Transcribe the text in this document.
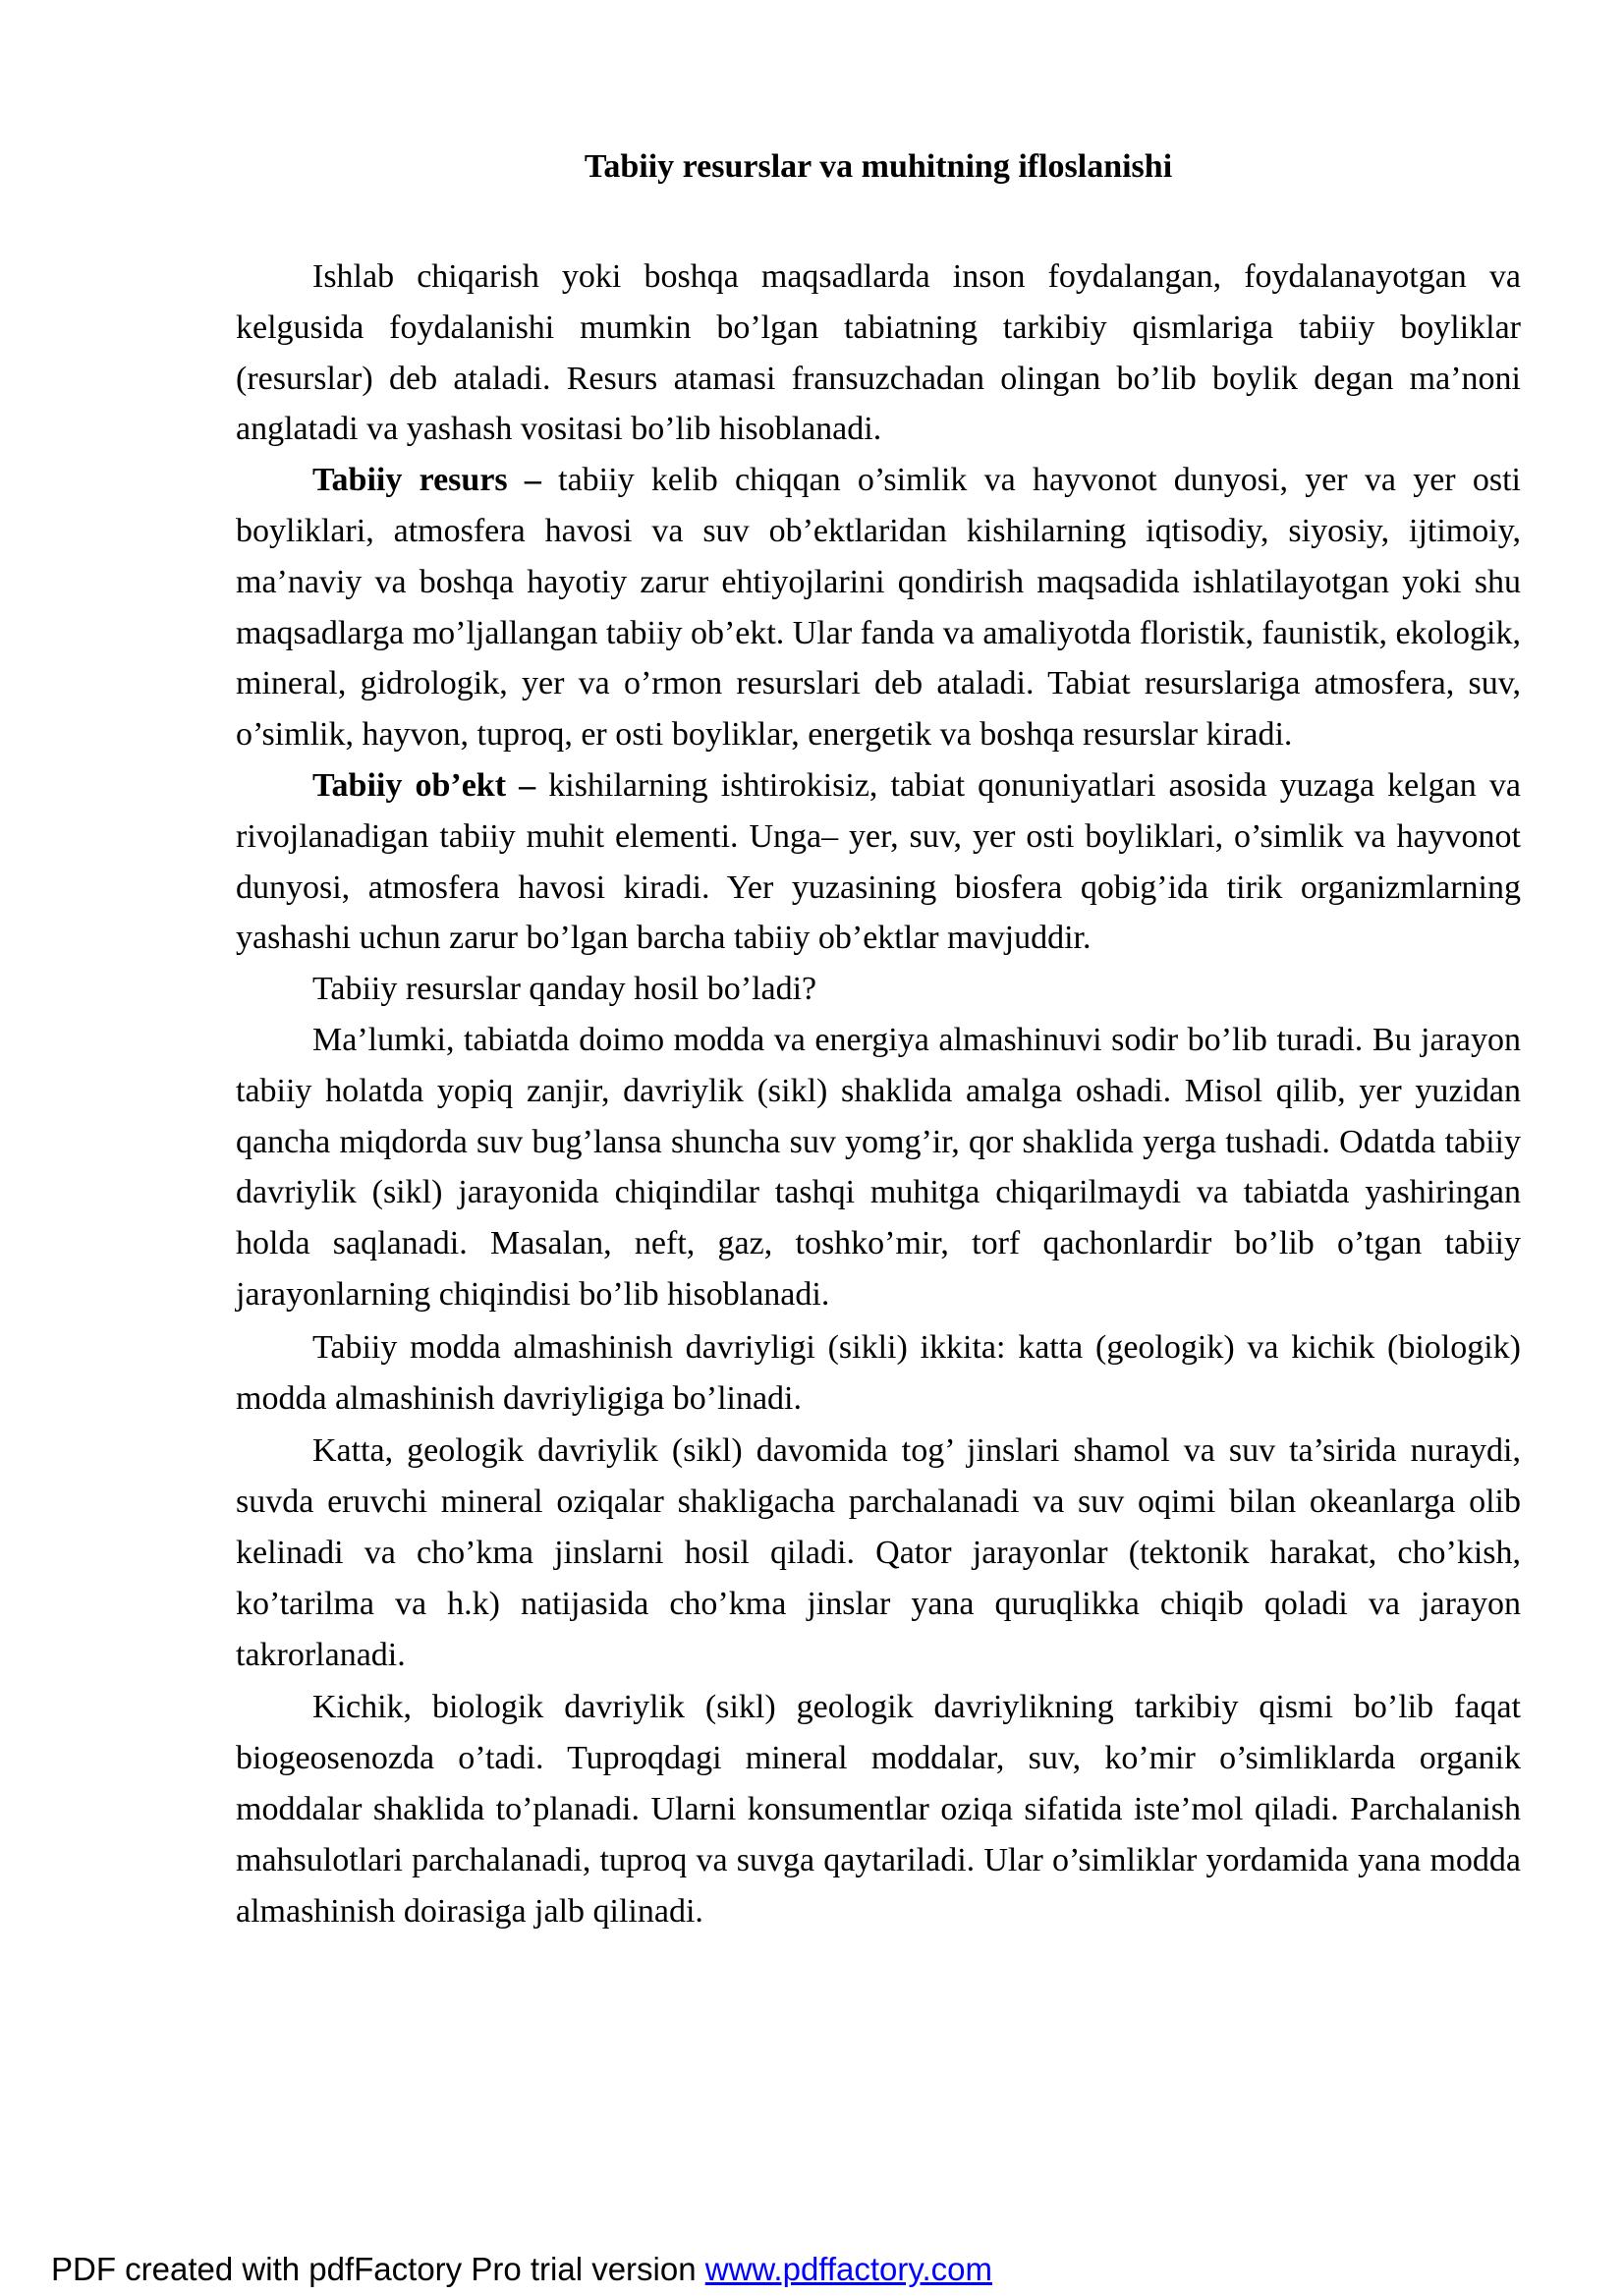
Tabiiy resurslar va muhitning ifloslanishi

Ishlab chiqarish yoki boshqa maqsadlarda inson foydalangan, foydalanayotgan va kelgusida foydalanishi mumkin bo’lgan tabiatning tarkibiy qismlariga tabiiy boyliklar (resurslar) deb ataladi. Resurs atamasi fransuzchadan olingan bo’lib boylik degan ma’noni anglatadi va yashash vositasi bo’lib hisoblanadi.

Tabiiy resurs – tabiiy kelib chiqqan o’simlik va hayvonot dunyosi, yer va yer osti boyliklari, atmosfera havosi va suv ob’ektlaridan kishilarning iqtisodiy, siyosiy, ijtimoiy, ma’naviy va boshqa hayotiy zarur ehtiyojlarini qondirish maqsadida ishlatilayotgan yoki shu maqsadlarga mo’ljallangan tabiiy ob’ekt. Ular fanda va amaliyotda floristik, faunistik, ekologik, mineral, gidrologik, yer va o’rmon resurslari deb ataladi. Tabiat resurslariga atmosfera, suv, o’simlik, hayvon, tuproq, er osti boyliklar, energetik va boshqa resurslar kiradi.

Tabiiy ob’ekt – kishilarning ishtirokisiz, tabiat qonuniyatlari asosida yuzaga kelgan va rivojlanadigan tabiiy muhit elementi. Unga– yer, suv, yer osti boyliklari, o’simlik va hayvonot dunyosi, atmosfera havosi kiradi. Yer yuzasining biosfera qobig’ida tirik organizmlarning yashashi uchun zarur bo’lgan barcha tabiiy ob’ektlar mavjuddir.

Tabiiy resurslar qanday hosil bo’ladi?

Ma’lumki, tabiatda doimo modda va energiya almashinuvi sodir bo’lib turadi. Bu jarayon tabiiy holatda yopiq zanjir, davriylik (sikl) shaklida amalga oshadi. Misol qilib, yer yuzidan qancha miqdorda suv bug’lansa shuncha suv yomg’ir, qor shaklida yerga tushadi. Odatda tabiiy davriylik (sikl) jarayonida chiqindilar tashqi muhitga chiqarilmaydi va tabiatda yashiringan holda saqlanadi. Masalan, neft, gaz, toshko’mir, torf qachonlardir bo’lib o’tgan tabiiy jarayonlarning chiqindisi bo’lib hisoblanadi.

Tabiiy modda almashinish davriyligi (sikli) ikkita: katta (geologik) va kichik (biologik) modda almashinish davriyligiga bo’linadi.

Katta, geologik davriylik (sikl) davomida tog’ jinslari shamol va suv ta’sirida nuraydi, suvda eruvchi mineral oziqalar shakligacha parchalanadi va suv oqimi bilan okeanlarga olib kelinadi va cho’kma jinslarni hosil qiladi. Qator jarayonlar (tektonik harakat, cho’kish, ko’tarilma va h.k) natijasida cho’kma jinslar yana quruqlikka chiqib qoladi va jarayon takrorlanadi.

Kichik, biologik davriylik (sikl) geologik davriylikning tarkibiy qismi bo’lib faqat biogeosenozda o’tadi. Tuproqdagi mineral moddalar, suv, ko’mir o’simliklarda organik moddalar shaklida to’planadi. Ularni konsumentlar oziqa sifatida iste’mol qiladi. Parchalanish mahsulotlari parchalanadi, tuproq va suvga qaytariladi. Ular o’simliklar yordamida yana modda almashinish doirasiga jalb qilinadi.

PDF created with pdfFactory Pro trial version www.pdffactory.com
